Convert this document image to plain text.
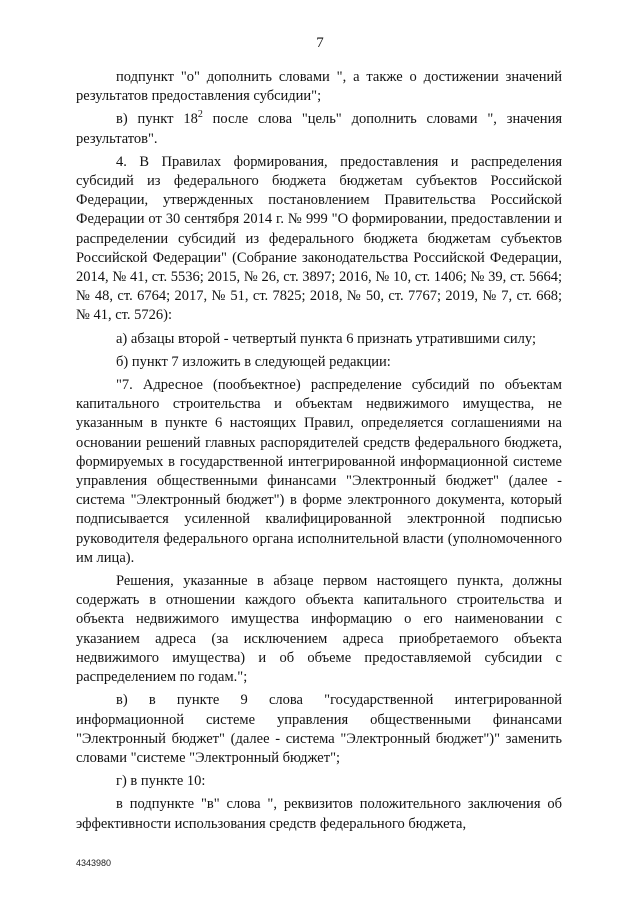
7

подпункт "о" дополнить словами ", а также о достижении значений результатов предоставления субсидии";

в) пункт $18^2$ после слова "цель" дополнить словами ", значения результатов".

4. В Правилах формирования, предоставления и распределения субсидий из федерального бюджета бюджетам субъектов Российской Федерации, утвержденных постановлением Правительства Российской Федерации от 30 сентября 2014 г. № 999 "О формировании, предоставлении и распределении субсидий из федерального бюджета бюджетам субъектов Российской Федерации" (Собрание законодательства Российской Федерации, 2014, № 41, ст. 5536; 2015, № 26, ст. 3897; 2016, № 10, ст. 1406; № 39, ст. 5664; № 48, ст. 6764; 2017, № 51, ст. 7825; 2018, № 50, ст. 7767; 2019, № 7, ст. 668; № 41, ст. 5726):

а) абзацы второй - четвертый пункта 6 признать утратившими силу;

б) пункт 7 изложить в следующей редакции:

"7. Адресное (пообъектное) распределение субсидий по объектам капитального строительства и объектам недвижимого имущества, не указанным в пункте 6 настоящих Правил, определяется соглашениями на основании решений главных распорядителей средств федерального бюджета, формируемых в государственной интегрированной информационной системе управления общественными финансами "Электронный бюджет" (далее - система "Электронный бюджет") в форме электронного документа, который подписывается усиленной квалифицированной электронной подписью руководителя федерального органа исполнительной власти (уполномоченного им лица).

Решения, указанные в абзаце первом настоящего пункта, должны содержать в отношении каждого объекта капитального строительства и объекта недвижимого имущества информацию о его наименовании с указанием адреса (за исключением адреса приобретаемого объекта недвижимого имущества) и об объеме предоставляемой субсидии с распределением по годам.";

в) в пункте 9 слова "государственной интегрированной информационной системе управления общественными финансами "Электронный бюджет" (далее - система "Электронный бюджет")" заменить словами "системе "Электронный бюджет";

г) в пункте 10:

в подпункте "в" слова ", реквизитов положительного заключения об эффективности использования средств федерального бюджета,

4343980
